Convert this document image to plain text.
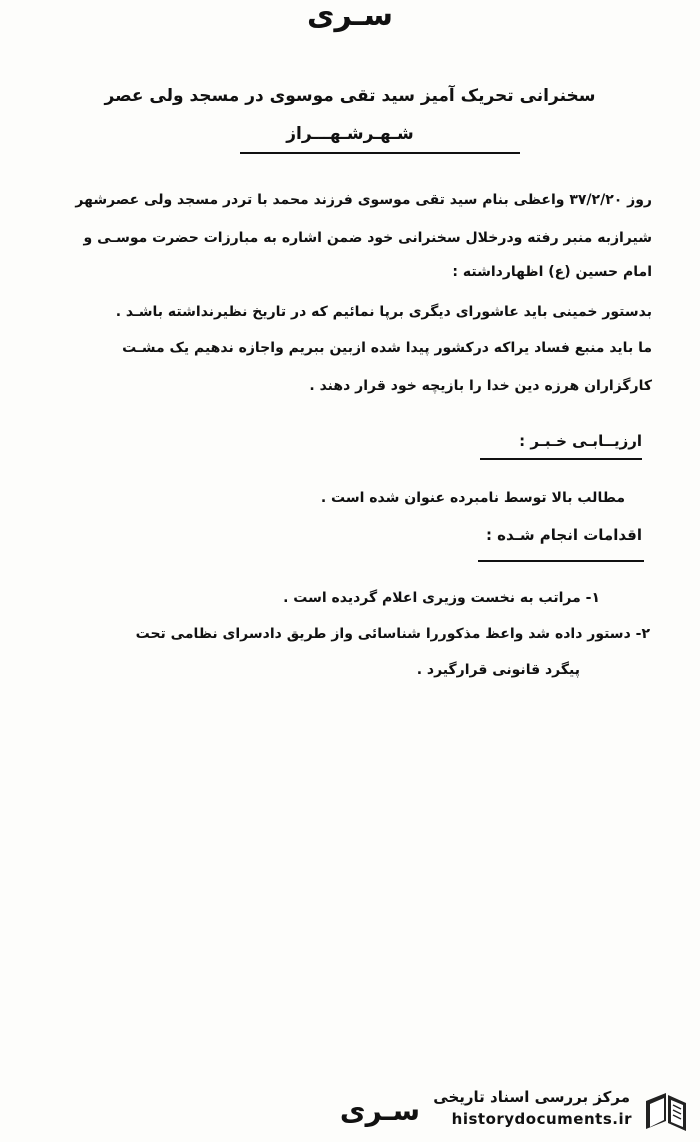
سـرى
سخنرانی تحریک آمیز سید تقی موسوی در مسجد ولی عصر
شـهـرشـهـــراز
روز ۳۷/۲/۲۰ واعظی بنام سید تقی موسوی فرزند محمد با تردر مسجد ولی عصرشهر
شیرازبه منبر رفته ودرخلال سخنرانی خود ضمن اشاره به مبارزات حضرت موسـی و
امام حسین (ع) اظهارداشته :
بدستور خمینی باید عاشورای دیگری برپا نمائیم که در تاریخ نظیرنداشته باشـد .
ما باید منبع فساد یراکه درکشور پیدا شده ازبین ببریم واجازه ندهیم یک مشـت
کارگزاران هرزه دین خدا را بازیچه خود قرار دهند .
ارزیــابـی خـبـر :
مطالب بالا توسط نامبرده عنوان شده است .
اقدامات انجام شـده :
۱- مراتب به نخست وزیری اعلام گردیده است .
۲- دستور داده شد واعظ مذکوررا شناسائی واز طریق دادسرای نظامی تحت
پیگرد قانونی قرارگیرد .
سـرى مرکز بررسی اسناد تاریخی
historydocuments.ir
